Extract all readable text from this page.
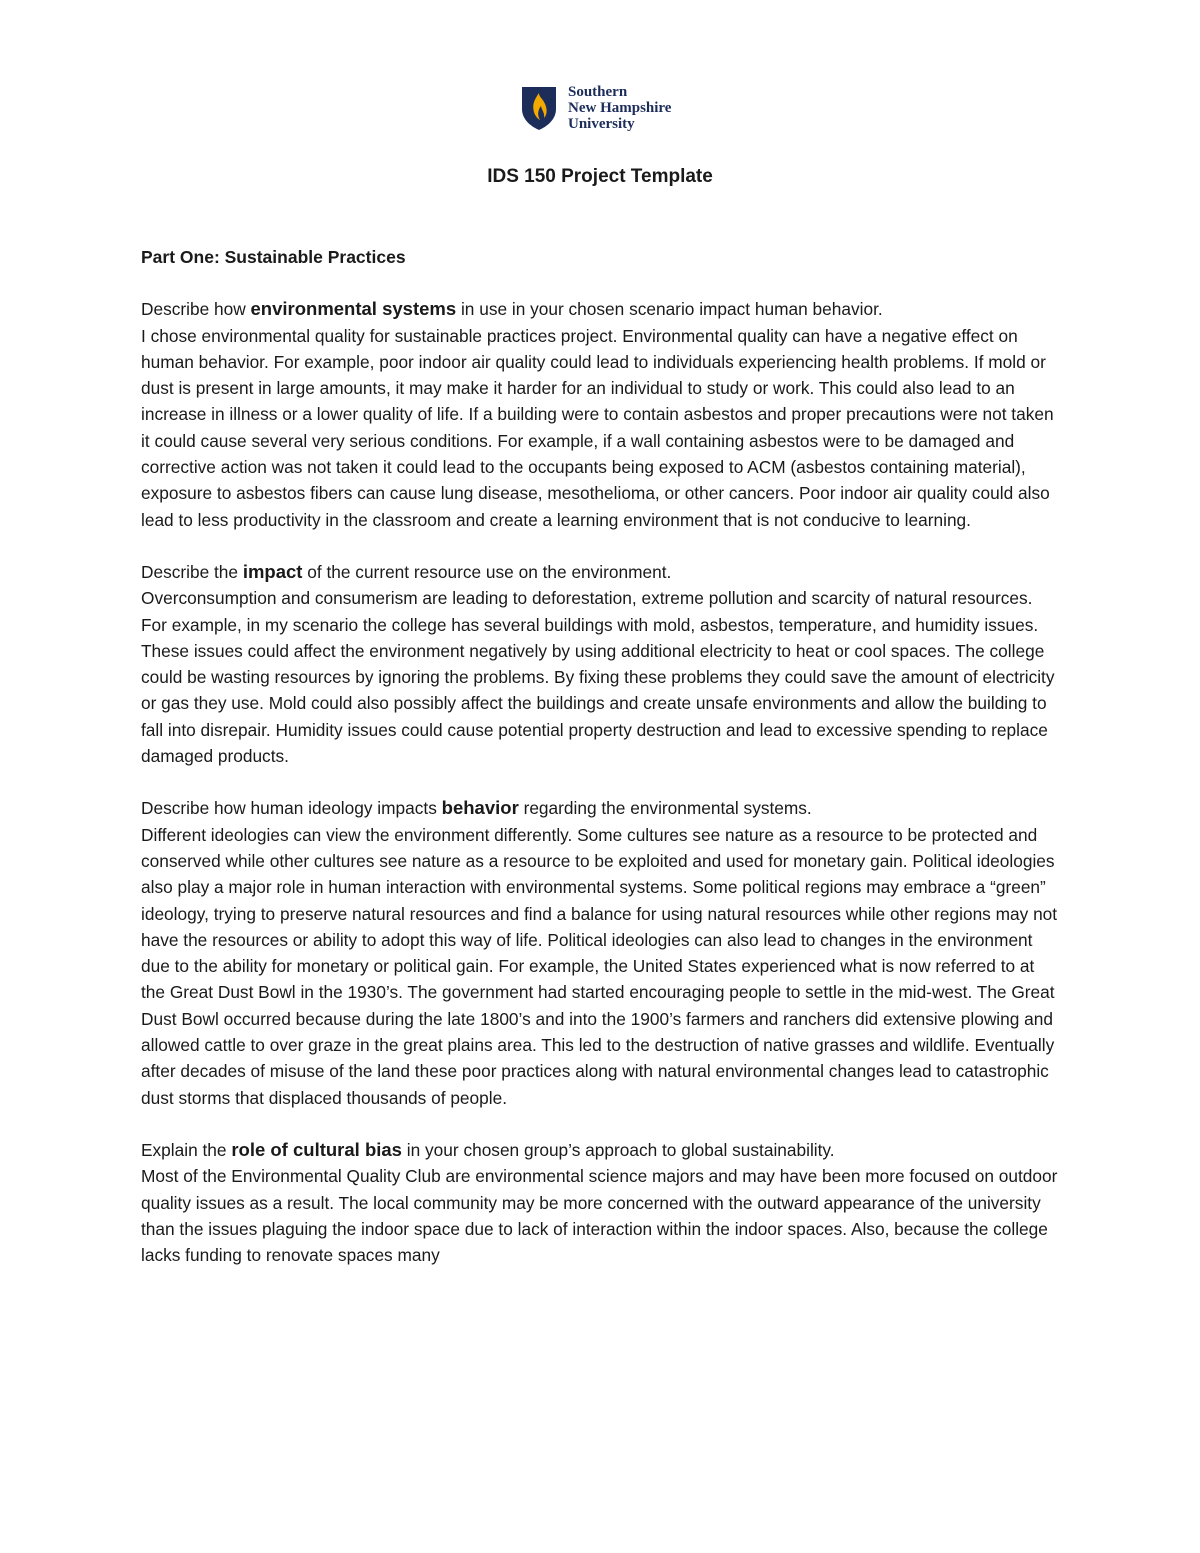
Southern
New Hampshire
University
IDS 150 Project Template

Part One: Sustainable Practices

Describe how environmental systems in use in your chosen scenario impact human behavior.

I chose environmental quality for sustainable practices project. Environmental quality can have a negative effect on human behavior. For example, poor indoor air quality could lead to individuals experiencing health problems. If mold or dust is present in large amounts, it may make it harder for an individual to study or work. This could also lead to an increase in illness or a lower quality of life. If a building were to contain asbestos and proper precautions were not taken it could cause several very serious conditions. For example, if a wall containing asbestos were to be damaged and corrective action was not taken it could lead to the occupants being exposed to ACM (asbestos containing material), exposure to asbestos fibers can cause lung disease, mesothelioma, or other cancers. Poor indoor air quality could also lead to less productivity in the classroom and create a learning environment that is not conducive to learning.

Describe the impact of the current resource use on the environment.

Overconsumption and consumerism are leading to deforestation, extreme pollution and scarcity of natural resources. For example, in my scenario the college has several buildings with mold, asbestos, temperature, and humidity issues. These issues could affect the environment negatively by using additional electricity to heat or cool spaces. The college could be wasting resources by ignoring the problems. By fixing these problems they could save the amount of electricity or gas they use. Mold could also possibly affect the buildings and create unsafe environments and allow the building to fall into disrepair. Humidity issues could cause potential property destruction and lead to excessive spending to replace damaged products.

Describe how human ideology impacts behavior regarding the environmental systems.

Different ideologies can view the environment differently. Some cultures see nature as a resource to be protected and conserved while other cultures see nature as a resource to be exploited and used for monetary gain. Political ideologies also play a major role in human interaction with environmental systems. Some political regions may embrace a “green” ideology, trying to preserve natural resources and find a balance for using natural resources while other regions may not have the resources or ability to adopt this way of life. Political ideologies can also lead to changes in the environment due to the ability for monetary or political gain. For example, the United States experienced what is now referred to at the Great Dust Bowl in the 1930’s. The government had started encouraging people to settle in the mid-west. The Great Dust Bowl occurred because during the late 1800’s and into the 1900’s farmers and ranchers did extensive plowing and allowed cattle to over graze in the great plains area. This led to the destruction of native grasses and wildlife. Eventually after decades of misuse of the land these poor practices along with natural environmental changes lead to catastrophic dust storms that displaced thousands of people.

Explain the role of cultural bias in your chosen group’s approach to global sustainability.

Most of the Environmental Quality Club are environmental science majors and may have been more focused on outdoor quality issues as a result. The local community may be more concerned with the outward appearance of the university than the issues plaguing the indoor space due to lack of interaction within the indoor spaces. Also, because the college lacks funding to renovate spaces many
